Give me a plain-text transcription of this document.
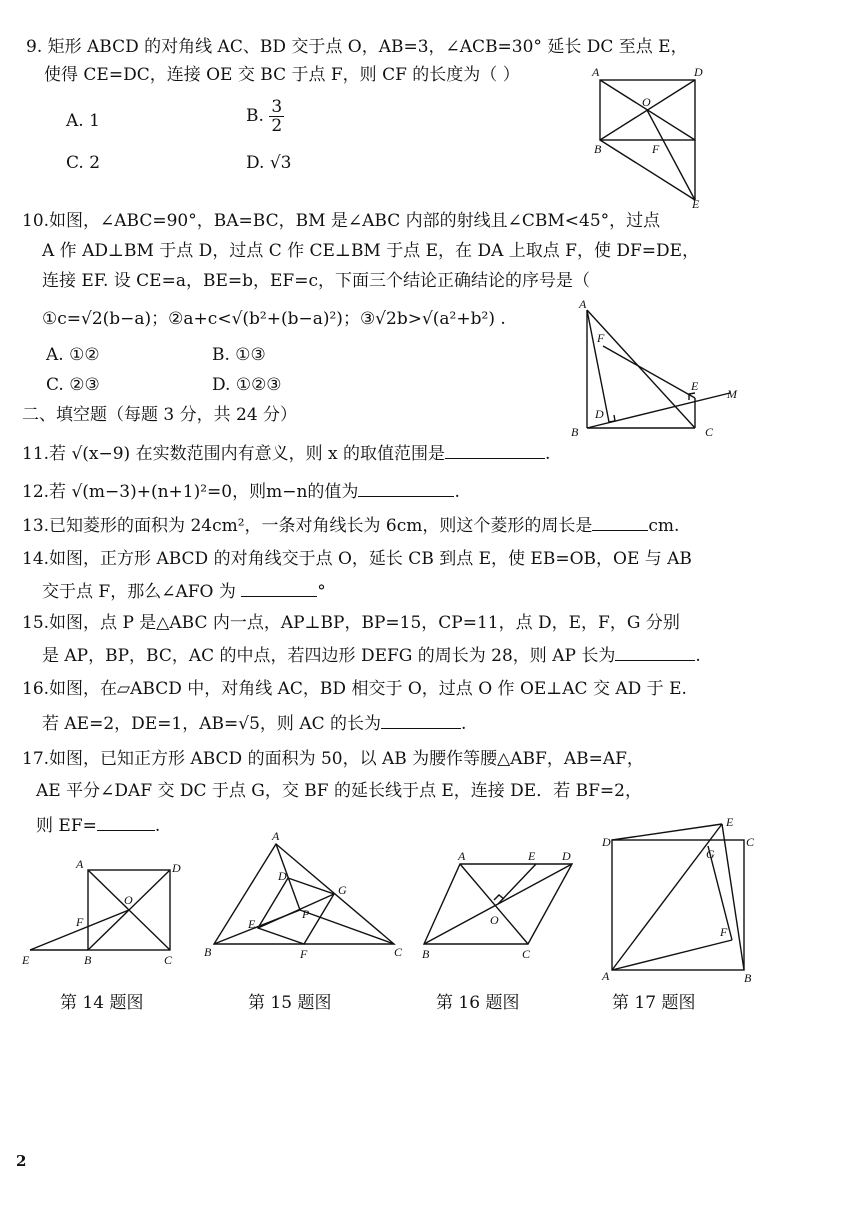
9. 矩形 ABCD 的对角线 AC、BD 交于点 O，AB=3，∠ACB=30° 延长 DC 至点 E，
使得 CE=DC，连接 OE 交 BC 于点 F，则 CF 的长度为（ ）
A. 1	B. $\frac{3}{2}$
C. 2	D. √3
A	D
O
B	F
E
10.如图，∠ABC=90°，BA=BC，BM 是∠ABC 内部的射线且∠CBM<45°，过点
A 作 AD⊥BM 于点 D，过点 C 作 CE⊥BM 于点 E，在 DA 上取点 F，使 DF=DE，
连接 EF. 设 CE=a，BE=b，EF=c，下面三个结论正确结论的序号是（
①c=√2(b−a)；②a+c<√(b²+(b−a)²)；③√2b>√(a²+b²) .
A. ①②	B. ①③
C. ②③	D. ①②③
A
F
E
M
D
B	C
二、填空题（每题 3 分，共 24 分）
11.若 √(x−9) 在实数范围内有意义，则 x 的取值范围是	.
12.若 √(m−3)+(n+1)²=0，则m−n的值为	.
13.已知菱形的面积为 24cm²，一条对角线长为 6cm，则这个菱形的周长是	cm.
14.如图，正方形 ABCD 的对角线交于点 O，延长 CB 到点 E，使 EB=OB，OE 与 AB
交于点 F，那么∠AFO 为	°
15.如图，点 P 是△ABC 内一点，AP⊥BP，BP=15，CP=11，点 D，E，F，G 分别
是 AP，BP，BC，AC 的中点，若四边形 DEFG 的周长为 28，则 AP 长为	.
16.如图，在▱ABCD 中，对角线 AC，BD 相交于 O，过点 O 作 OE⊥AC 交 AD 于 E.
若 AE=2，DE=1，AB=√5，则 AC 的长为	.
17.如图，已知正方形 ABCD 的面积为 50，以 AB 为腰作等腰△ABF，AB=AF，
AE 平分∠DAF 交 DC 于点 G，交 BF 的延长线于点 E，连接 DE．若 BF=2，
则 EF=	.
A	D
O
F
E	B	C
第 14 题图
A
D
G
E
P
B	F	C
第 15 题图
A	E D
O
B	C
第 16 题图
E
D	C
G
F
A	B
第 17 题图
2
